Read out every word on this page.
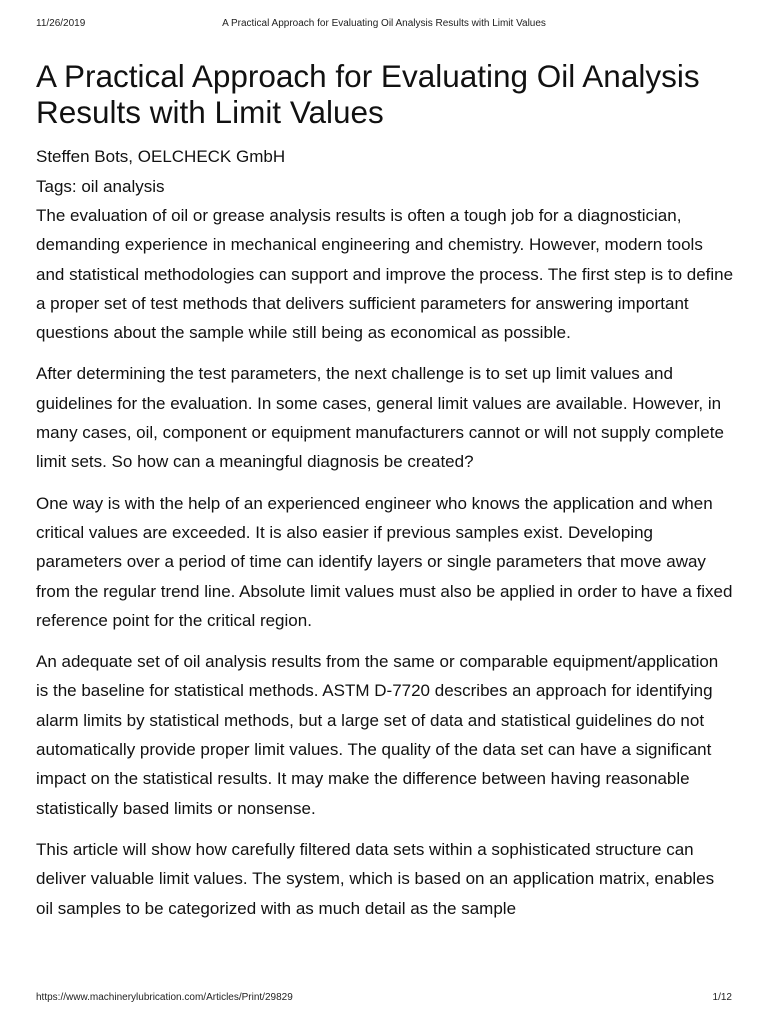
11/26/2019	A Practical Approach for Evaluating Oil Analysis Results with Limit Values
A Practical Approach for Evaluating Oil Analysis Results with Limit Values
Steffen Bots, OELCHECK GmbH
Tags: oil analysis

The evaluation of oil or grease analysis results is often a tough job for a diagnostician, demanding experience in mechanical engineering and chemistry. However, modern tools and statistical methodologies can support and improve the process. The first step is to define a proper set of test methods that delivers sufficient parameters for answering important questions about the sample while still being as economical as possible.

After determining the test parameters, the next challenge is to set up limit values and guidelines for the evaluation. In some cases, general limit values are available. However, in many cases, oil, component or equipment manufacturers cannot or will not supply complete limit sets. So how can a meaningful diagnosis be created?

One way is with the help of an experienced engineer who knows the application and when critical values are exceeded. It is also easier if previous samples exist. Developing parameters over a period of time can identify layers or single parameters that move away from the regular trend line. Absolute limit values must also be applied in order to have a fixed reference point for the critical region.

An adequate set of oil analysis results from the same or comparable equipment/application is the baseline for statistical methods. ASTM D-7720 describes an approach for identifying alarm limits by statistical methods, but a large set of data and statistical guidelines do not automatically provide proper limit values. The quality of the data set can have a significant impact on the statistical results. It may make the difference between having reasonable statistically based limits or nonsense.

This article will show how carefully filtered data sets within a sophisticated structure can deliver valuable limit values. The system, which is based on an application matrix, enables oil samples to be categorized with as much detail as the sample

https://www.machinerylubrication.com/Articles/Print/29829	1/12
